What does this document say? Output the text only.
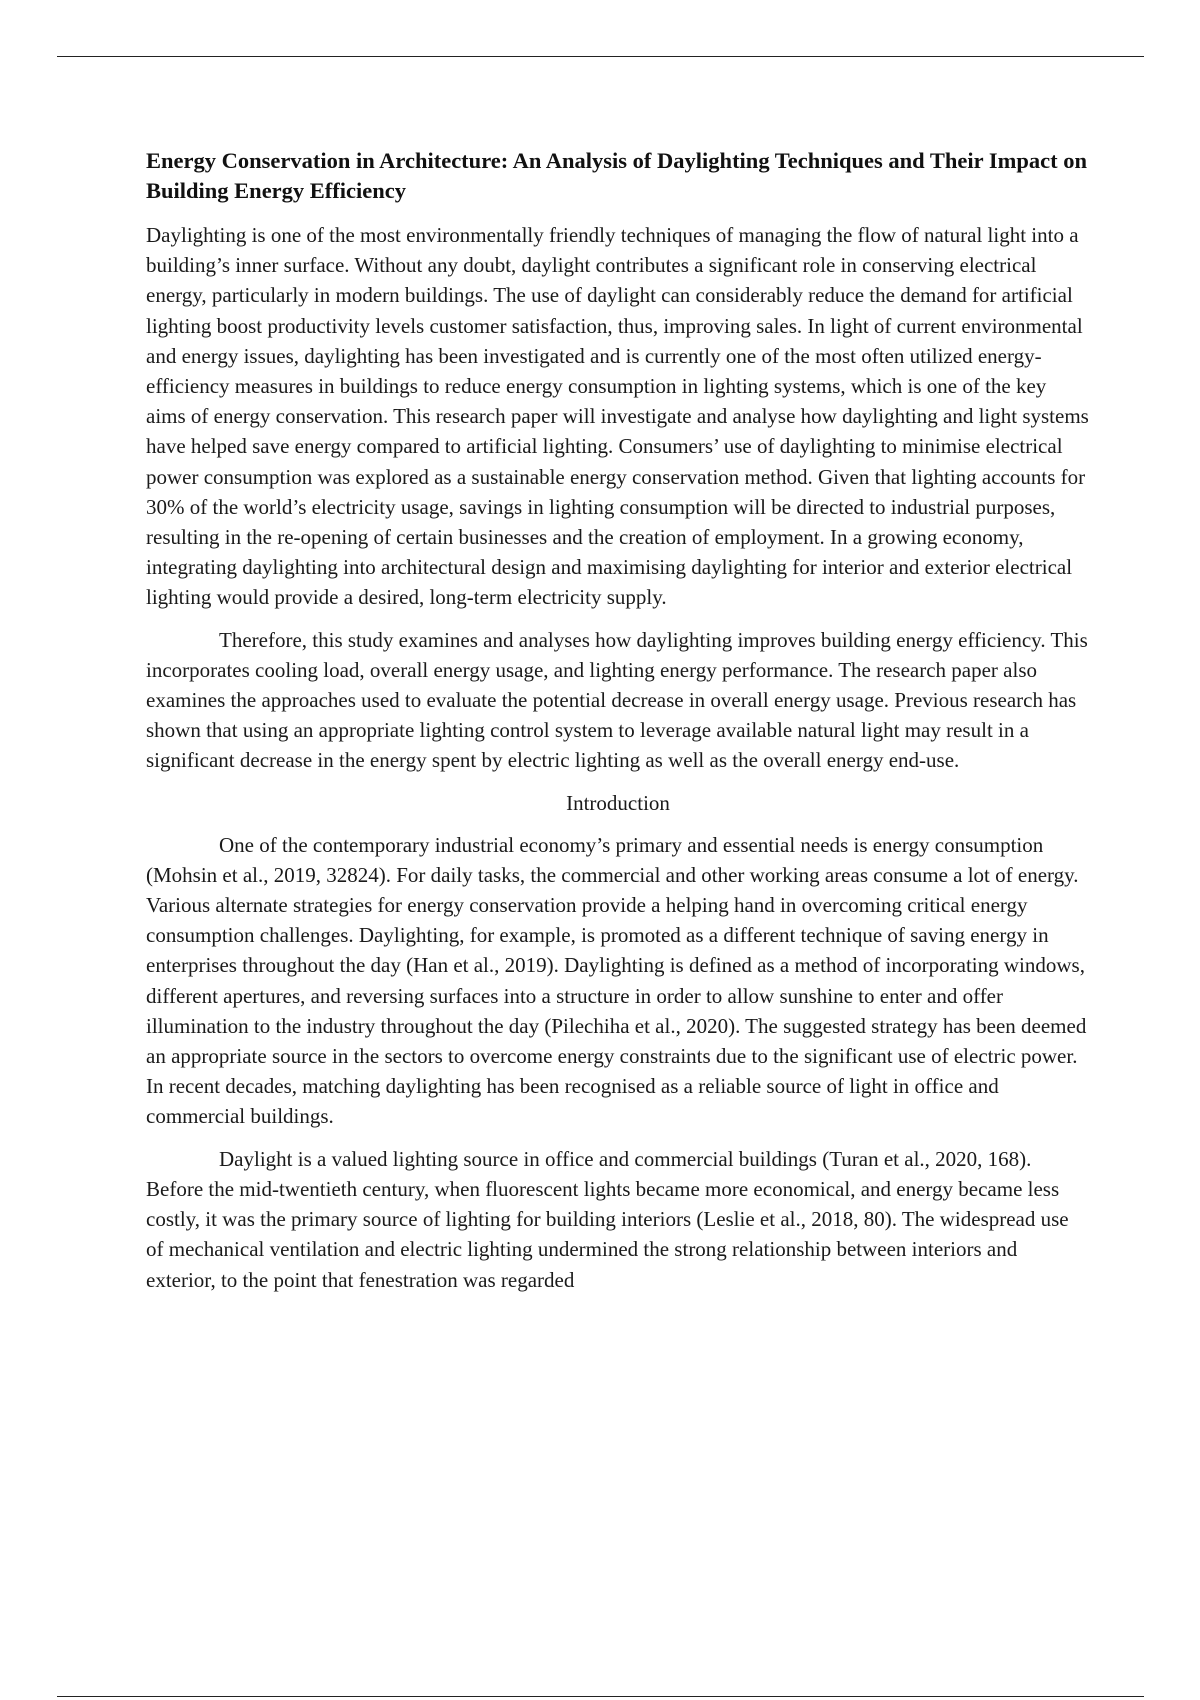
Energy Conservation in Architecture: An Analysis of Daylighting Techniques and Their Impact on Building Energy Efficiency

Daylighting is one of the most environmentally friendly techniques of managing the flow of natural light into a building’s inner surface. Without any doubt, daylight contributes a significant role in conserving electrical energy, particularly in modern buildings. The use of daylight can considerably reduce the demand for artificial lighting boost productivity levels customer satisfaction, thus, improving sales. In light of current environmental and energy issues, daylighting has been investigated and is currently one of the most often utilized energy-efficiency measures in buildings to reduce energy consumption in lighting systems, which is one of the key aims of energy conservation. This research paper will investigate and analyse how daylighting and light systems have helped save energy compared to artificial lighting. Consumers’ use of daylighting to minimise electrical power consumption was explored as a sustainable energy conservation method. Given that lighting accounts for 30% of the world’s electricity usage, savings in lighting consumption will be directed to industrial purposes, resulting in the re-opening of certain businesses and the creation of employment. In a growing economy, integrating daylighting into architectural design and maximising daylighting for interior and exterior electrical lighting would provide a desired, long-term electricity supply.

Therefore, this study examines and analyses how daylighting improves building energy efficiency. This incorporates cooling load, overall energy usage, and lighting energy performance. The research paper also examines the approaches used to evaluate the potential decrease in overall energy usage. Previous research has shown that using an appropriate lighting control system to leverage available natural light may result in a significant decrease in the energy spent by electric lighting as well as the overall energy end-use.

Introduction

One of the contemporary industrial economy’s primary and essential needs is energy consumption (Mohsin et al., 2019, 32824). For daily tasks, the commercial and other working areas consume a lot of energy. Various alternate strategies for energy conservation provide a helping hand in overcoming critical energy consumption challenges. Daylighting, for example, is promoted as a different technique of saving energy in enterprises throughout the day (Han et al., 2019). Daylighting is defined as a method of incorporating windows, different apertures, and reversing surfaces into a structure in order to allow sunshine to enter and offer illumination to the industry throughout the day (Pilechiha et al., 2020). The suggested strategy has been deemed an appropriate source in the sectors to overcome energy constraints due to the significant use of electric power. In recent decades, matching daylighting has been recognised as a reliable source of light in office and commercial buildings.

Daylight is a valued lighting source in office and commercial buildings (Turan et al., 2020, 168). Before the mid-twentieth century, when fluorescent lights became more economical, and energy became less costly, it was the primary source of lighting for building interiors (Leslie et al., 2018, 80). The widespread use of mechanical ventilation and electric lighting undermined the strong relationship between interiors and exterior, to the point that fenestration was regarded
